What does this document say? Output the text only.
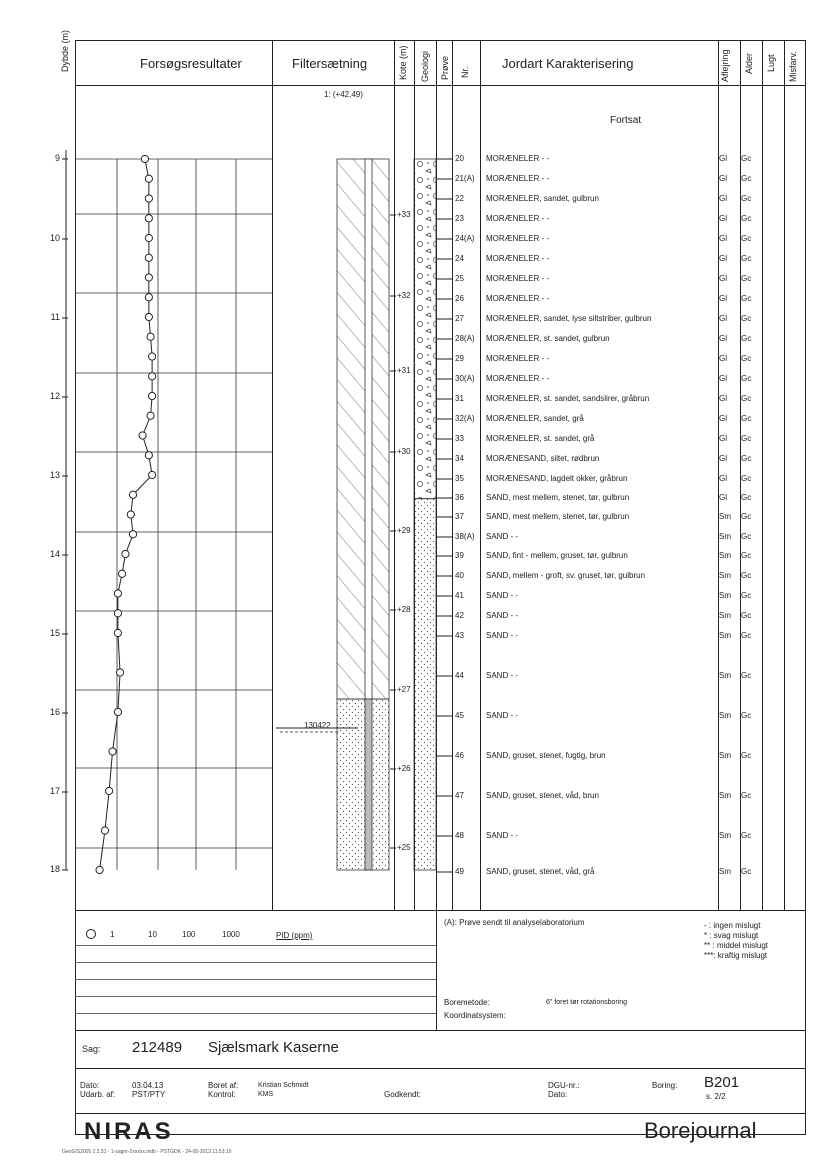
Dybde (m)	Forsøgsresultater	Filtersætning	Kote (m) Geologi Prøve Nr.
Jordart Karakterisering	Aflejring Alder Lugt Misfarv.
1: (+42,49)
Fortsat
9
10
11
12
13
14
15
16
17
18
+33
+32
+31
+30
+29
+28
+27
+26
+25
20	MORÆNELER - -	Gl Gc
21(A) MORÆNELER - -	Gl Gc
22	MORÆNELER, sandet, gulbrun	Gl Gc
23	MORÆNELER - -	Gl Gc
24(A) MORÆNELER - -	Gl Gc
24	MORÆNELER - -	Gl Gc
25	MORÆNELER - -	Gl Gc
26	MORÆNELER - -	Gl Gc
27	MORÆNELER, sandet, lyse siltstriber, gulbrun	Gl Gc
28(A) MORÆNELER, st. sandet, gulbrun	Gl Gc
29	MORÆNELER - -	Gl Gc
30(A) MORÆNELER - -	Gl Gc
31	MORÆNELER, st. sandet, sandslirer, gråbrun	Gl Gc
32(A) MORÆNELER, sandet, grå	Gl Gc
33	MORÆNELER, st. sandet, grå	Gl Gc
34	MORÆNESAND, siltet, rødbrun	Gl Gc
35	MORÆNESAND, lagdelt okker, gråbrun	Gl Gc
36	SAND, mest mellem, stenet, tør, gulbrun	Gl Gc
37	SAND, mest mellem, stenet, tør, gulbrun	Sm Gc
38(A) SAND - -	Sm Gc
39	SAND, fint - mellem, gruset, tør, gulbrun	Sm Gc
40	SAND, mellem - groft, sv. gruset, tør, gulbrun	Sm Gc
41	SAND - -	Sm Gc
42	SAND - -	Sm Gc
43	SAND - -	Sm Gc
44	SAND - -	Sm Gc
45	SAND - -	Sm Gc
46	SAND, gruset, stenet, fugtig, brun	Sm Gc
47	SAND, gruset, stenet, våd, brun	Sm Gc
48	SAND - -	Sm Gc
49	SAND, gruset, stenet, våd, grå	Sm Gc
130422
1	10	100	1000	PID (ppm)
(A): Prøve sendt til analyselaboratorium	- : ingen mislugt
* : svag mislugt
** : middel mislugt
***: kraftig mislugt
Boremetode:	6" foret tør rotationsboring
Koordinatsystem:
Sag: 212489 Sjælsmark Kaserne
Dato:	03.04.13
Udarb. af: PST/PTY
Boret af:	Kristian Schmidt
Kontrol:	KMS	Godkendt:
DGU-nr.:
Dato:
Boring: B201
s. 2/2
NIRAS	Borejournal
GeoGIS2005 2.2.51 - 1-sagnr-2xxxxx.mdb - PSTGDK - 24-05-2013 11:53:10
